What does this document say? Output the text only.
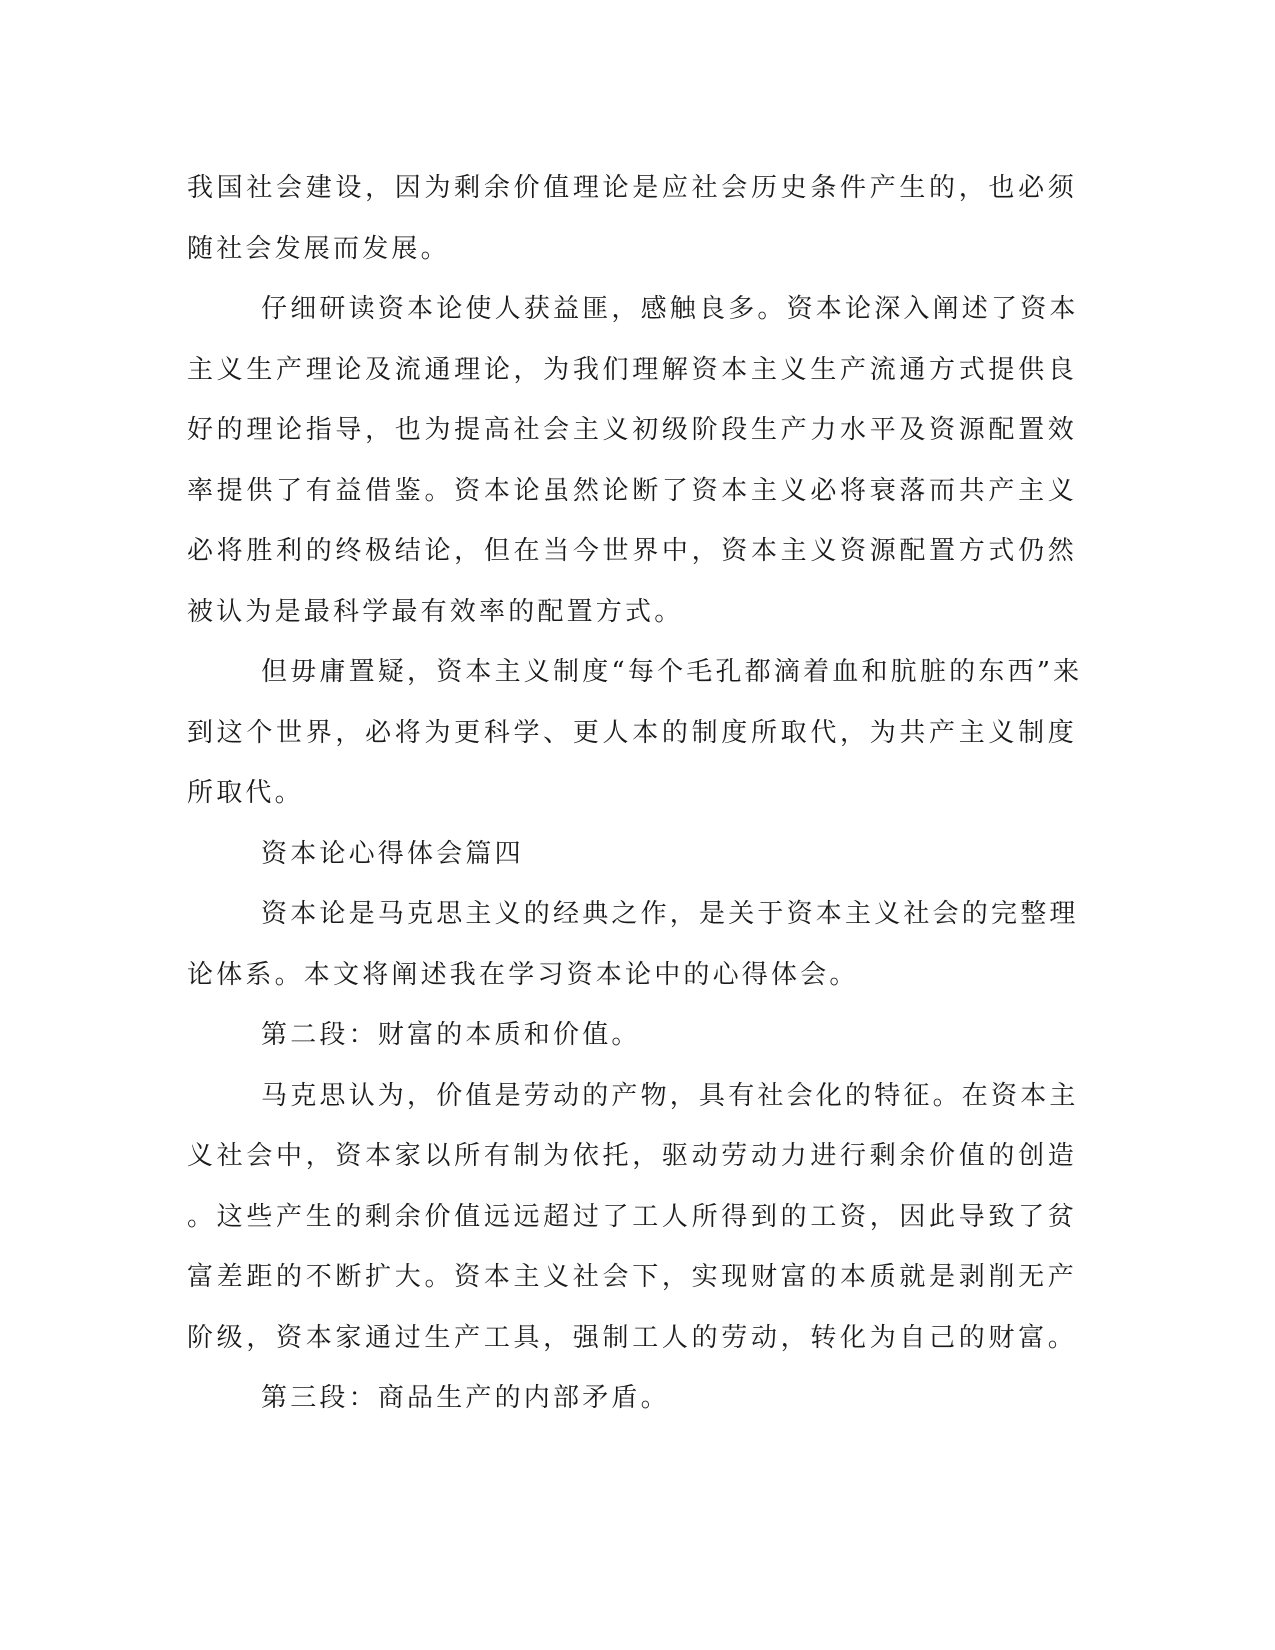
我国社会建设，因为剩余价值理论是应社会历史条件产生的，也必须
随社会发展而发展。

仔细研读资本论使人获益匪，感触良多。资本论深入阐述了资本
主义生产理论及流通理论，为我们理解资本主义生产流通方式提供良
好的理论指导，也为提高社会主义初级阶段生产力水平及资源配置效
率提供了有益借鉴。资本论虽然论断了资本主义必将衰落而共产主义
必将胜利的终极结论，但在当今世界中，资本主义资源配置方式仍然
被认为是最科学最有效率的配置方式。

但毋庸置疑，资本主义制度“每个毛孔都滴着血和肮脏的东西”来
到这个世界，必将为更科学、更人本的制度所取代，为共产主义制度
所取代。

资本论心得体会篇四

资本论是马克思主义的经典之作，是关于资本主义社会的完整理
论体系。本文将阐述我在学习资本论中的心得体会。

第二段：财富的本质和价值。

马克思认为，价值是劳动的产物，具有社会化的特征。在资本主
义社会中，资本家以所有制为依托，驱动劳动力进行剩余价值的创造
。这些产生的剩余价值远远超过了工人所得到的工资，因此导致了贫
富差距的不断扩大。资本主义社会下，实现财富的本质就是剥削无产
阶级，资本家通过生产工具，强制工人的劳动，转化为自己的财富。

第三段：商品生产的内部矛盾。
